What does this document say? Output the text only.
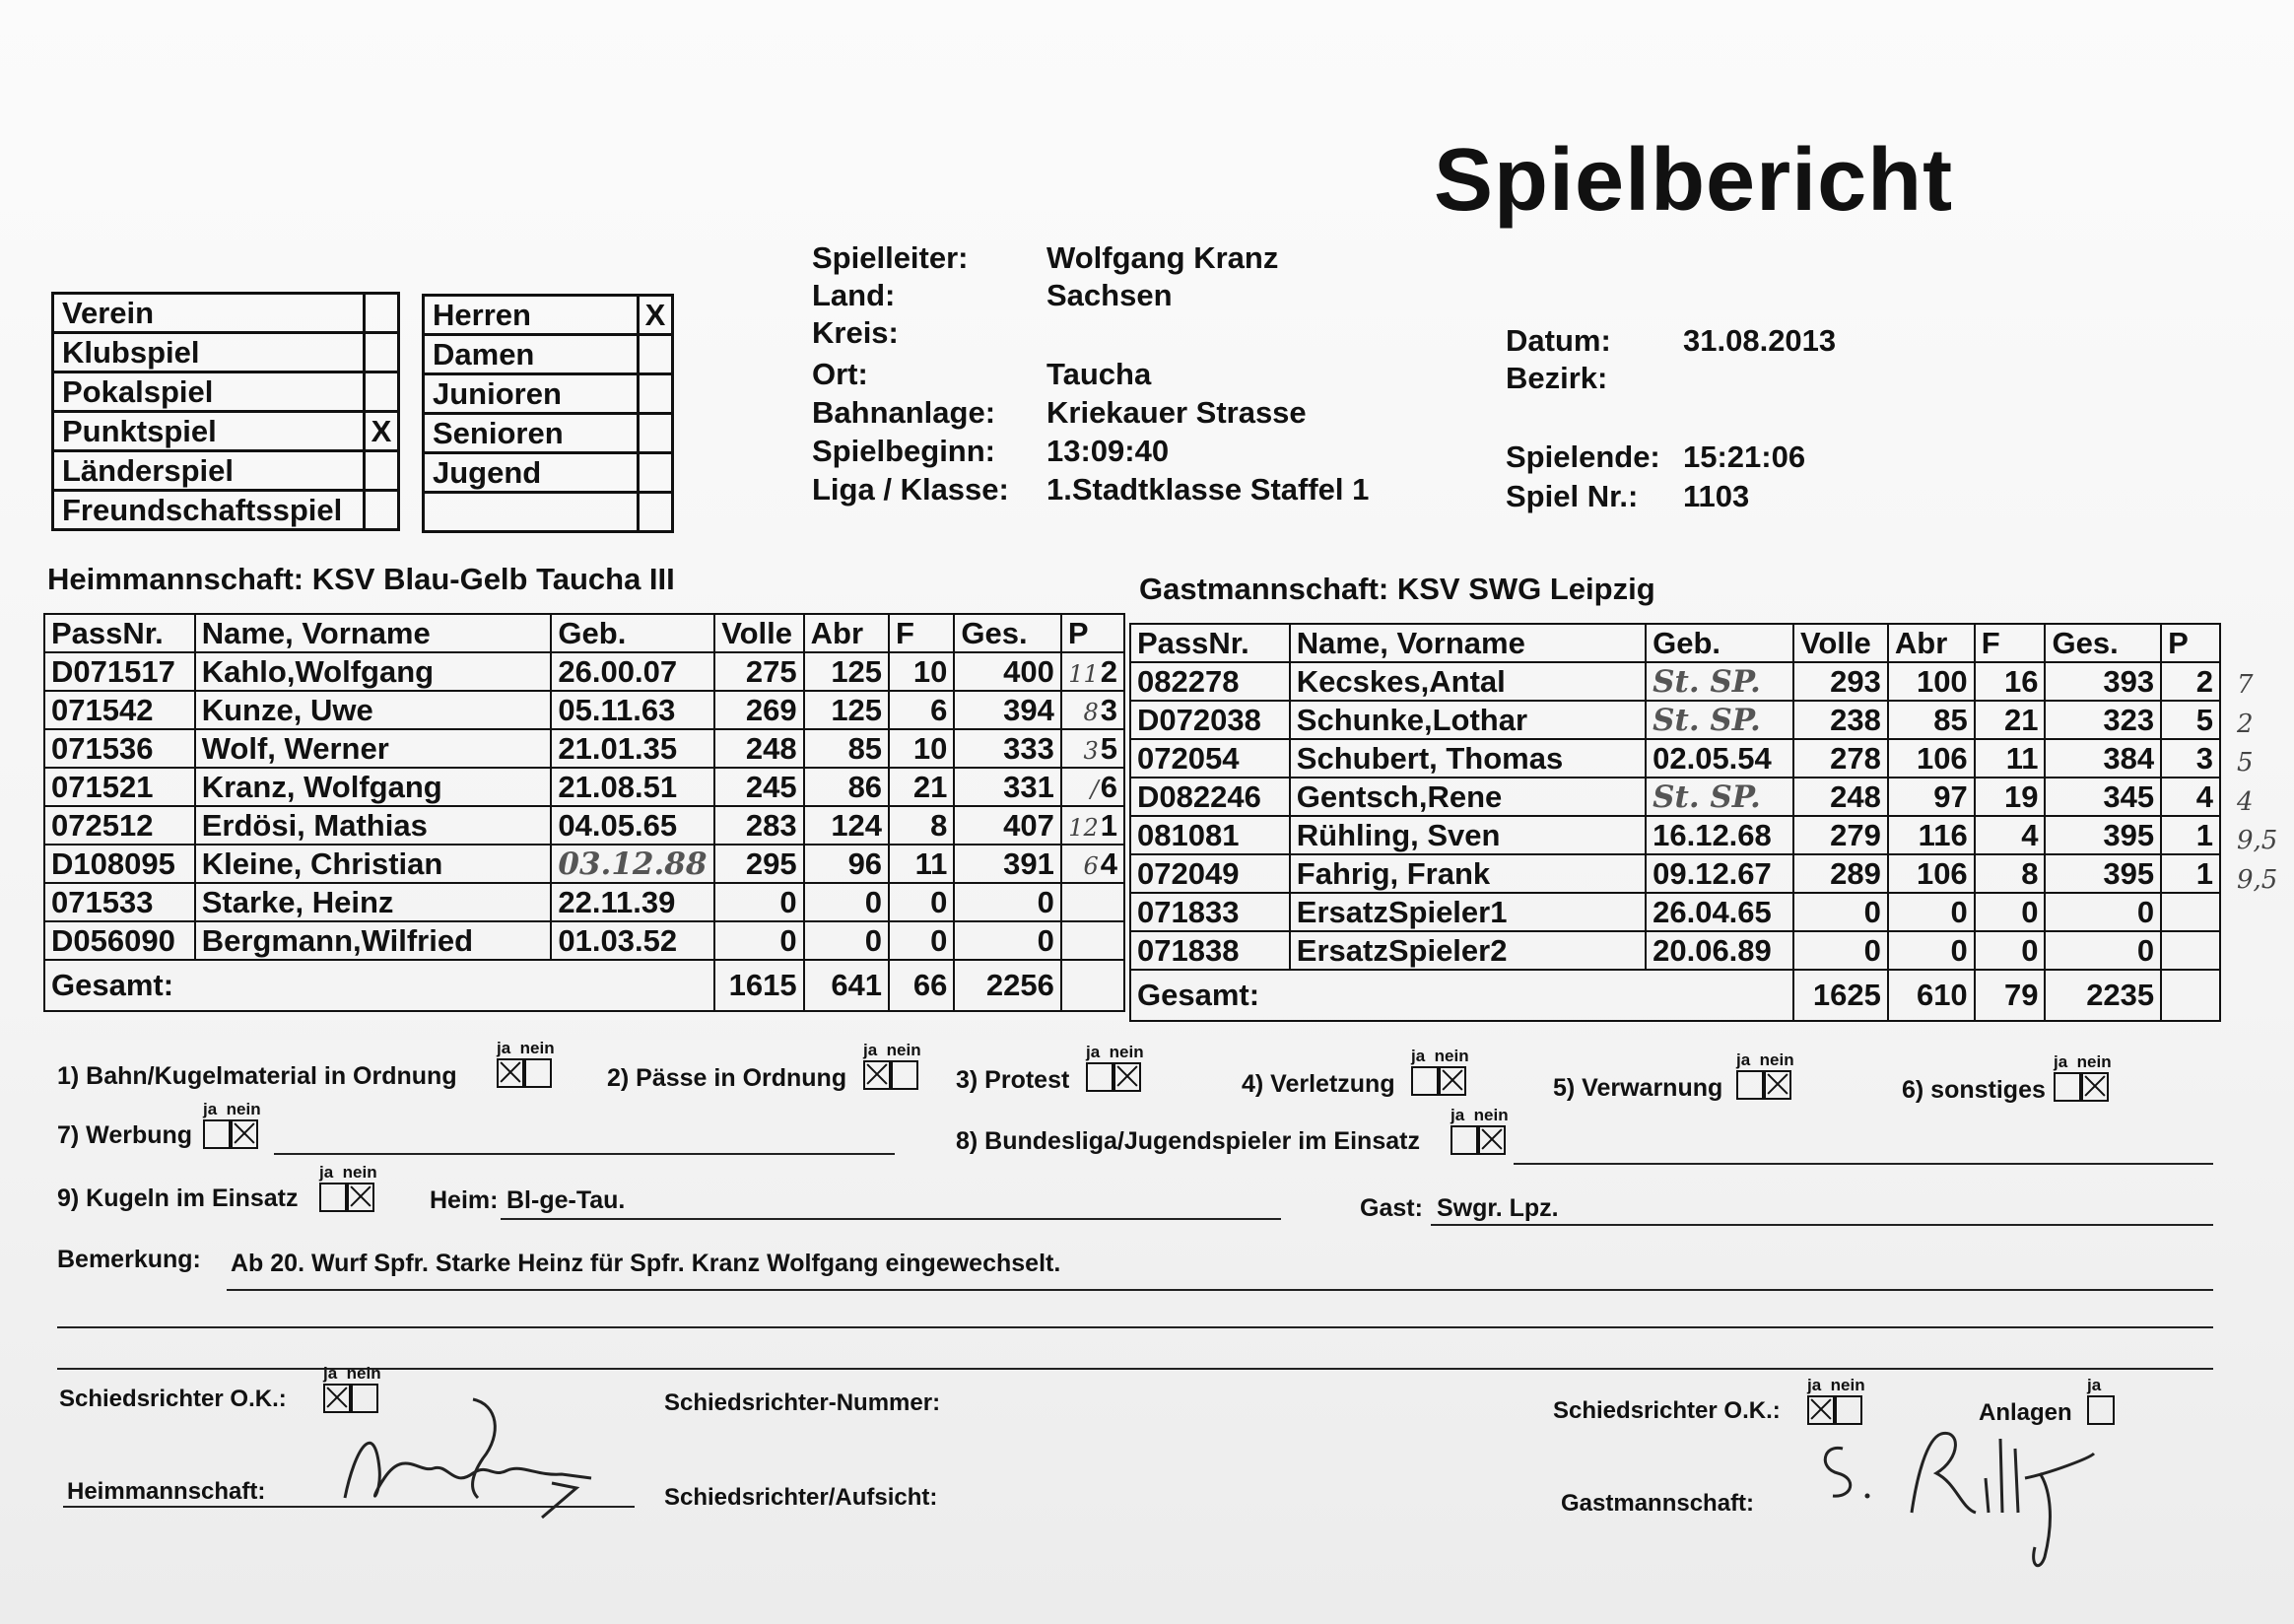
Spielbericht
Verein	
Klubspiel	
Pokalspiel	
Punktspiel	X
Länderspiel	
Freundschaftsspiel	
Herren	X
Damen	
Junioren	
Senioren	
Jugend	

Spielleiter:	Wolfgang Kranz
Land:	Sachsen
Kreis:
Ort:	Taucha
Bahnanlage: Kriekauer Strasse
Spielbeginn: 13:09:40
Liga / Klasse: 1.Stadtklasse Staffel 1
Datum: 31.08.2013
Bezirk:
Spielende: 15:21:06
Spiel Nr.: 1103
Heimmannschaft: KSV Blau-Gelb Taucha III	Gastmannschaft: KSV SWG Leipzig
PassNr.	Name, Vorname	Geb.	Volle	Abr	F	Ges.	P
D071517	Kahlo,Wolfgang	26.00.07	275	125	10	400	112
071542	Kunze, Uwe	05.11.63	269	125	6	394	83
071536	Wolf, Werner	21.01.35	248	85	10	333	35
071521	Kranz, Wolfgang	21.08.51	245	86	21	331	/6
072512	Erdösi, Mathias	04.05.65	283	124	8	407	121
D108095	Kleine, Christian	03.12.88	295	96	11	391	64
071533	Starke, Heinz	22.11.39	0	0	0	0	
D056090	Bergmann,Wilfried	01.03.52	0	0	0	0	
Gesamt:			1615	641	66	2256	
PassNr.	Name, Vorname	Geb.	Volle	Abr	F	Ges.	P
082278	Kecskes,Antal	St. SP.	293	100	16	393	2
D072038	Schunke,Lothar	St. SP.	238	85	21	323	5
072054	Schubert, Thomas	02.05.54	278	106	11	384	3
D082246	Gentsch,Rene	St. SP.	248	97	19	345	4
081081	Rühling, Sven	16.12.68	279	116	4	395	1
072049	Fahrig, Frank	09.12.67	289	106	8	395	1
071833	ErsatzSpieler1	26.04.65	0	0	0	0	
071838	ErsatzSpieler2	20.06.89	0	0	0	0	
Gesamt:			1625	610	79	2235	
7
2
5
4
9,5
9,5
1) Bahn/Kugelmaterial in Ordnung
ja nein
2) Pässe in Ordnung
ja nein
3) Protest
ja nein
4) Verletzung
ja nein
5) Verwarnung
ja nein
6) sonstiges
ja nein
7) Werbung
ja nein
8) Bundesliga/Jugendspieler im Einsatz
ja nein
9) Kugeln im Einsatz
ja nein
Heim: Bl-ge-Tau.	Gast: Swgr. Lpz.
Bemerkung: Ab 20. Wurf Spfr. Starke Heinz für Spfr. Kranz Wolfgang eingewechselt.
Schiedsrichter O.K.:
ja nein
Schiedsrichter-Nummer:	Schiedsrichter O.K.:
ja nein
Anlagen
ja
Heimmannschaft:	Schiedsrichter/Aufsicht:	Gastmannschaft:
